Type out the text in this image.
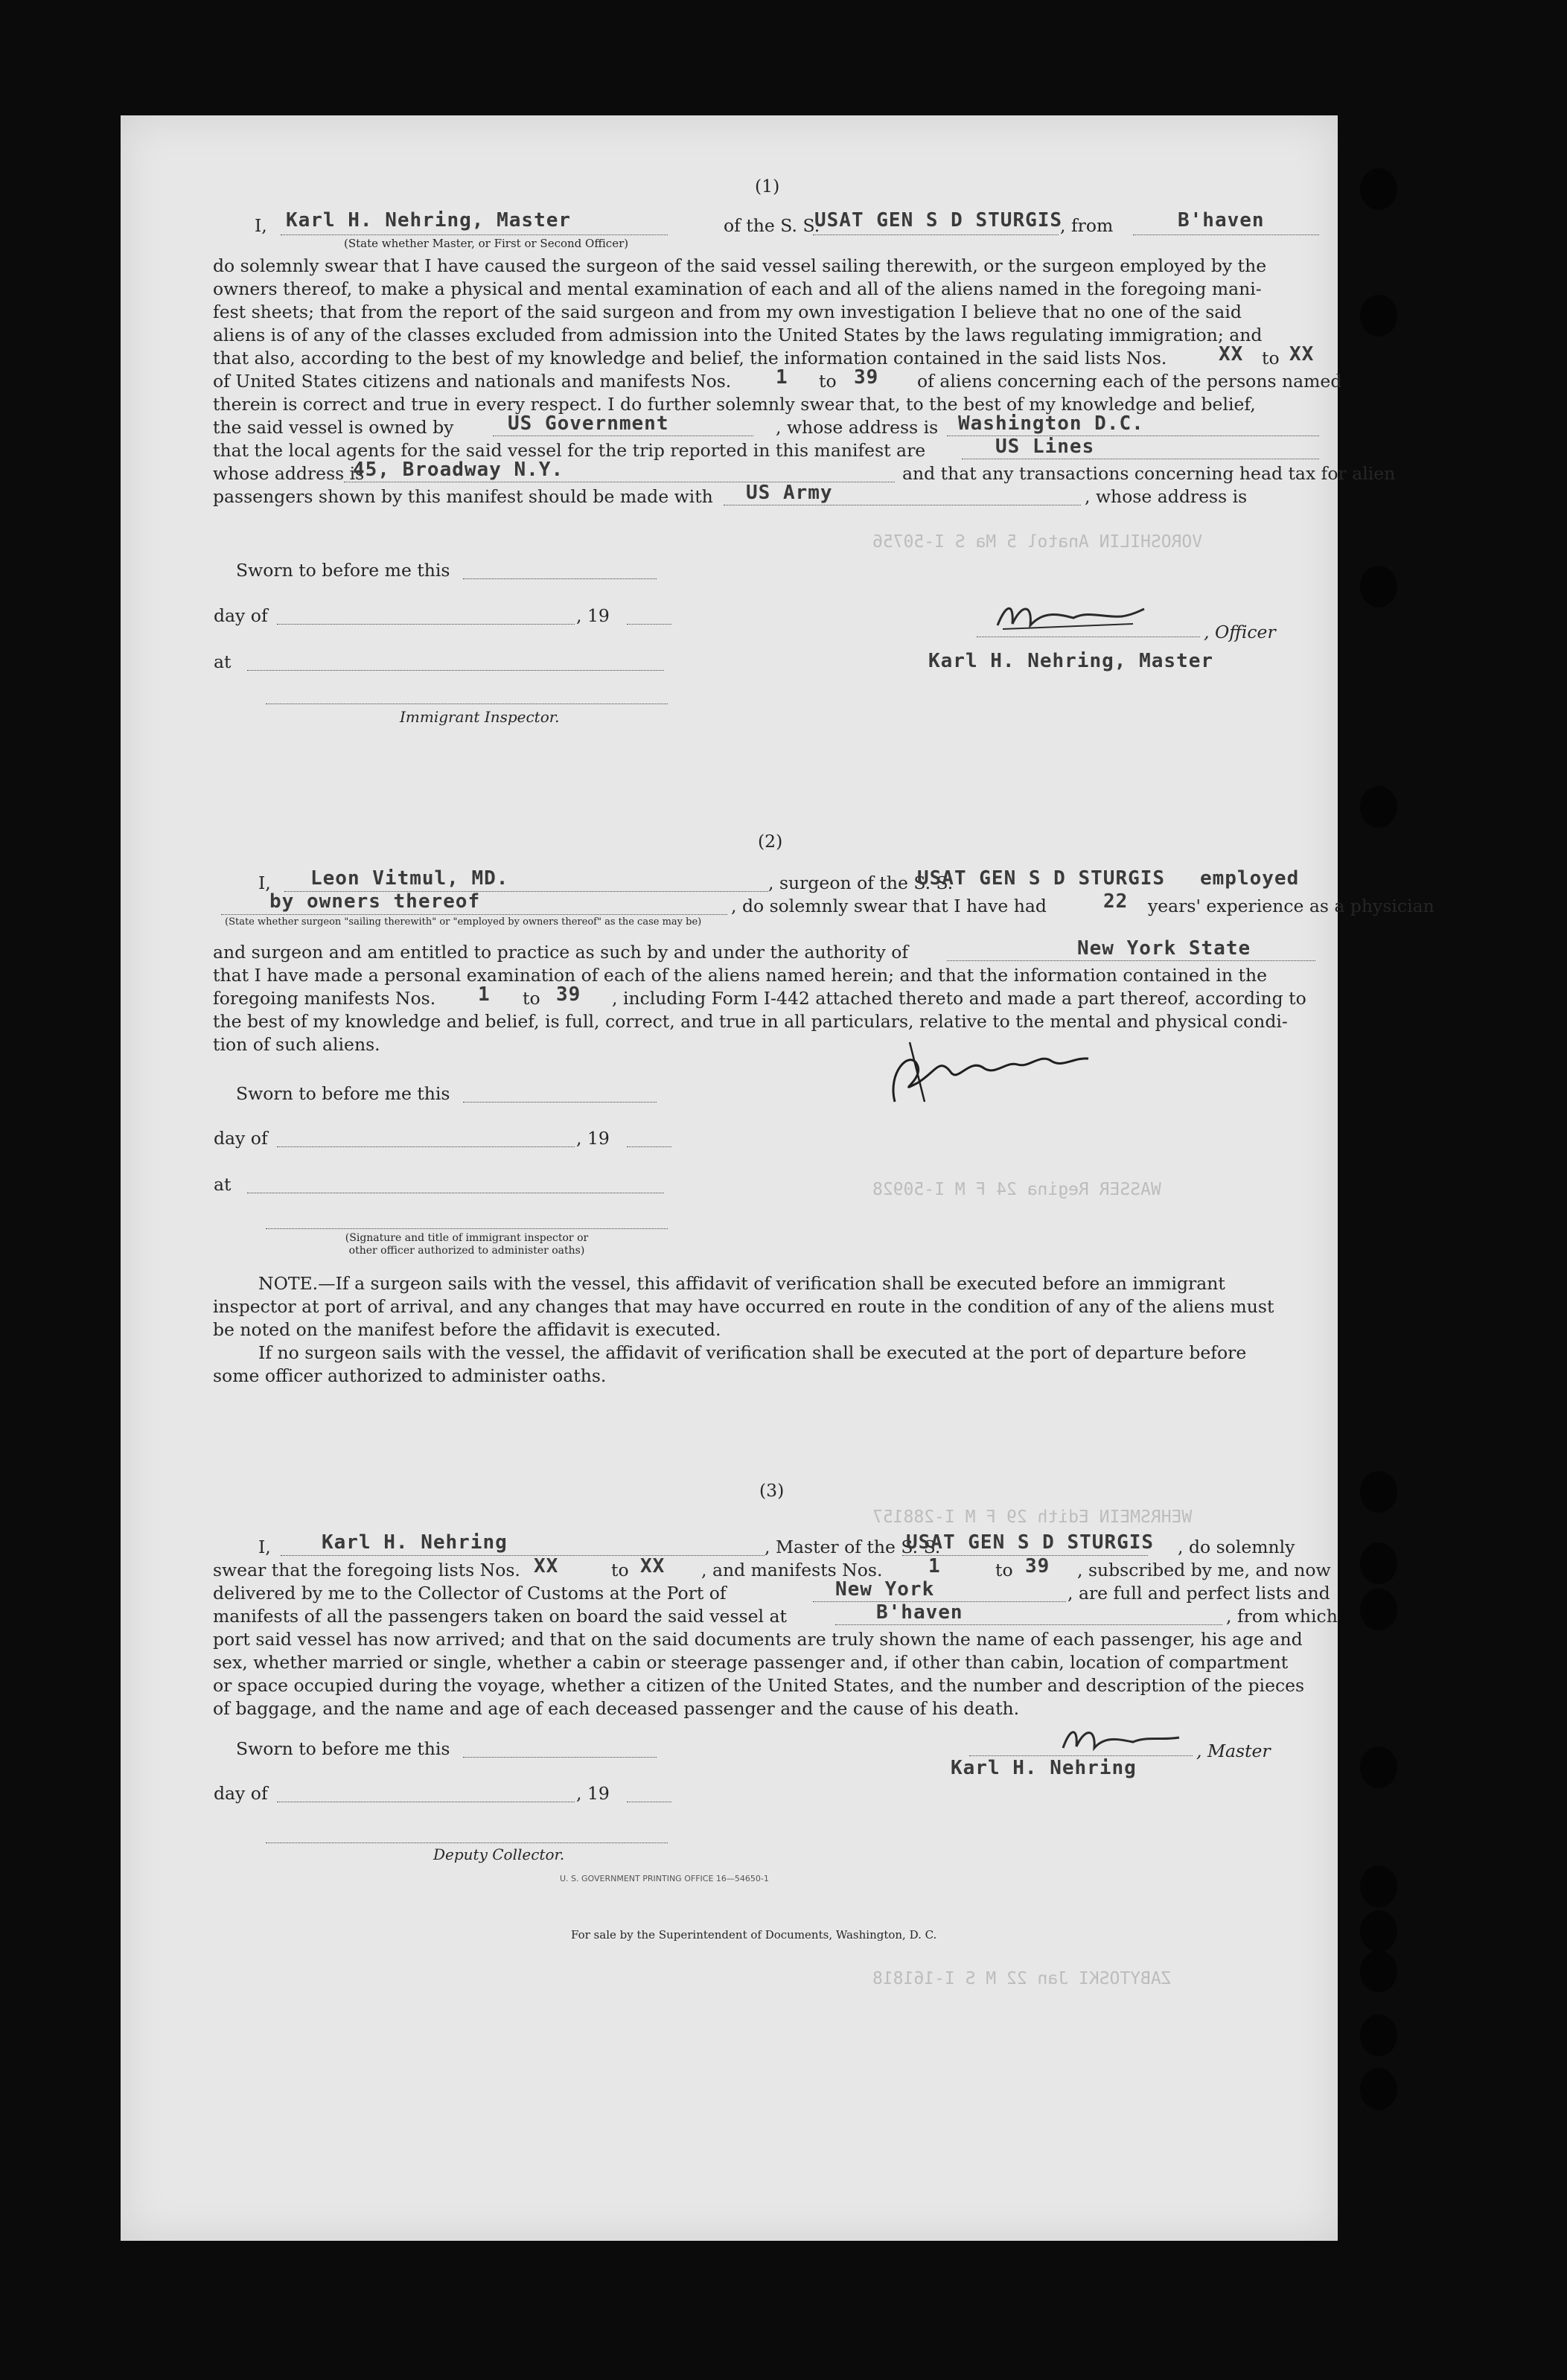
(1)
I, Karl H. Nehring, Master	of the S. S.
USAT GEN S D STURGIS
, from	B'haven
(State whether Master, or First or Second Officer)
do solemnly swear that I have caused the surgeon of the said vessel sailing therewith, or the surgeon employed by the
owners thereof, to make a physical and mental examination of each and all of the aliens named in the foregoing mani-
fest sheets; that from the report of the said surgeon and from my own investigation I believe that no one of the said
aliens is of any of the classes excluded from admission into the United States by the laws regulating immigration; and
that also, according to the best of my knowledge and belief, the information contained in the said lists Nos.	XX to XX
of United States citizens and nationals and manifests Nos. 1 to 39 of aliens concerning each of the persons named
therein is correct and true in every respect. I do further solemnly swear that, to the best of my knowledge and belief,
the said vessel is owned by	US Government	, whose address is Washington D.C.
that the local agents for the said vessel for the trip reported in this manifest are	US Lines
whose address is
45, Broadway N.Y.	and that any transactions concerning head tax for alien
passengers shown by this manifest should be made with US Army	, whose address is
Sworn to before me this
day of	, 19
at
Immigrant Inspector.
, Officer
Karl H. Nehring, Master
(2)
I, Leon Vitmul, MD.	, surgeon of the S. S.
USAT GEN S D STURGIS employed
by owners thereof	, do solemnly swear that I have had	22 years' experience as a physician
(State whether surgeon "sailing therewith" or "employed by owners thereof" as the case may be)
and surgeon and am entitled to practice as such by and under the authority of	New York State
that I have made a personal examination of each of the aliens named herein; and that the information contained in the
foregoing manifests Nos. 1 to 39 , including Form I-442 attached thereto and made a part thereof, according to
the best of my knowledge and belief, is full, correct, and true in all particulars, relative to the mental and physical condi-
tion of such aliens.
Sworn to before me this
day of	, 19
at
(Signature and title of immigrant inspector or
other officer authorized to administer oaths)
NOTE.—If a surgeon sails with the vessel, this affidavit of verification shall be executed before an immigrant
inspector at port of arrival, and any changes that may have occurred en route in the condition of any of the aliens must
be noted on the manifest before the affidavit is executed.
If no surgeon sails with the vessel, the affidavit of verification shall be executed at the port of departure before
some officer authorized to administer oaths.
(3)
I,	Karl H. Nehring	, Master of the S. S.
USAT GEN S D STURGIS , do solemnly
swear that the foregoing lists Nos. XX	to XX , and manifests Nos. 1	to 39 , subscribed by me, and now
delivered by me to the Collector of Customs at the Port of	New York	, are full and perfect lists and
manifests of all the passengers taken on board the said vessel at	B'haven	, from which
port said vessel has now arrived; and that on the said documents are truly shown the name of each passenger, his age and
sex, whether married or single, whether a cabin or steerage passenger and, if other than cabin, location of compartment
or space occupied during the voyage, whether a citizen of the United States, and the number and description of the pieces
of baggage, and the name and age of each deceased passenger and the cause of his death.
Sworn to before me this
day of	, 19
Deputy Collector.
, Master
Karl H. Nehring
U. S. GOVERNMENT PRINTING OFFICE 16—54650-1
For sale by the Superintendent of Documents, Washington, D. C.
VOROSHILIN Anatol 5 Ma S I-50756
WASSER Regina 24 F M I-50928
WEHRSMEIN Edith 29 F M I-288157
ZABYTOSKI Jan 22 M S I-161818
